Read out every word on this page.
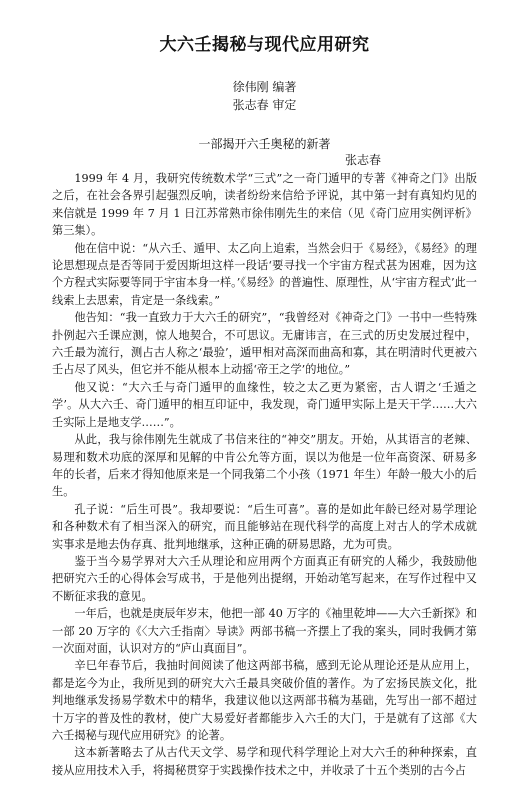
大六壬揭秘与现代应用研究

徐伟刚 编著

张志春 审定

一部揭开六壬奥秘的新著

张志春

1999 年 4 月，我研究传统数术学“三式”之一奇门遁甲的专著《神奇之门》出版之后，在社会各界引起强烈反响，读者纷纷来信给予评说，其中第一封有真知灼见的来信就是 1999 年 7 月 1 日江苏常熟市徐伟刚先生的来信（见《奇门应用实例评析》第三集）。

他在信中说：“从六壬、遁甲、太乙向上追索，当然会归于《易经》，《易经》的理论思想现点是否等同于爱因斯坦这样一段话‘要寻找一个宇宙方程式甚为困难，因为这个方程式实际要等同于宇宙本身一样。’《易经》的普遍性、原理性，从‘宇宙方程式’此一线索上去思索，肯定是一条线索。”

他告知：“我一直致力于大六壬的研究”，“我曾经对《神奇之门》一书中一些特殊扑例起六壬课应测，惊人地契合，不可思议。无庸讳言，在三式的历史发展过程中，六壬最为流行，测占古人称之‘最验’，遁甲相对高深而曲高和寡，其在明清时代更被六壬占尽了风头，但它并不能从根本上动摇‘帝王之学’的地位。”

他又说：“大六壬与奇门遁甲的血缘性，较之太乙更为紧密，古人谓之‘壬遁之学’。从大六壬、奇门遁甲的相互印证中，我发现，奇门遁甲实际上是天干学……大六壬实际上是地支学……”。

从此，我与徐伟刚先生就成了书信来往的“神交”朋友。开始，从其语言的老辣、易理和数术功底的深厚和见解的中肯公允等方面，误以为他是一位年高资深、研易多年的长者，后来才得知他原来是一个同我第二个小孩（1971 年生）年龄一般大小的后生。

孔子说：“后生可畏”。我却要说：“后生可喜”。喜的是如此年龄已经对易学理论和各种数术有了相当深入的研究，而且能够站在现代科学的高度上对古人的学术成就实事求是地去伪存真、批判地继承，这种正确的研易思路，尤为可贵。

鉴于当今易学界对大六壬从理论和应用两个方面真正有研究的人稀少，我鼓励他把研究六壬的心得体会写成书，于是他列出提纲，开始动笔写起来，在写作过程中又不断征求我的意见。

一年后，也就是庚辰年岁末，他把一部 40 万字的《袖里乾坤——大六壬新探》和一部 20 万字的《〈大六壬指南〉导读》两部书稿一齐摆上了我的案头，同时我俩才第一次面对面，认识对方的“庐山真面目”。

辛巳年春节后，我抽时间阅读了他这两部书稿，感到无论从理论还是从应用上，都是迄今为止，我所见到的研究大六壬最具突破价值的著作。为了宏扬民族文化，批判地继承发扬易学数术中的精华，我建议他以这两部书稿为基础，先写出一部不超过十万字的普及性的教材，使广大易爱好者都能步入六壬的大门，于是就有了这部《大六壬揭秘与现代应用研究》的论著。

这本新著略去了从古代天文学、易学和现代科学理论上对大六壬的种种探索，直接从应用技术入手，将揭秘贯穿于实践操作技术之中，并收录了十五个类别的古今占
